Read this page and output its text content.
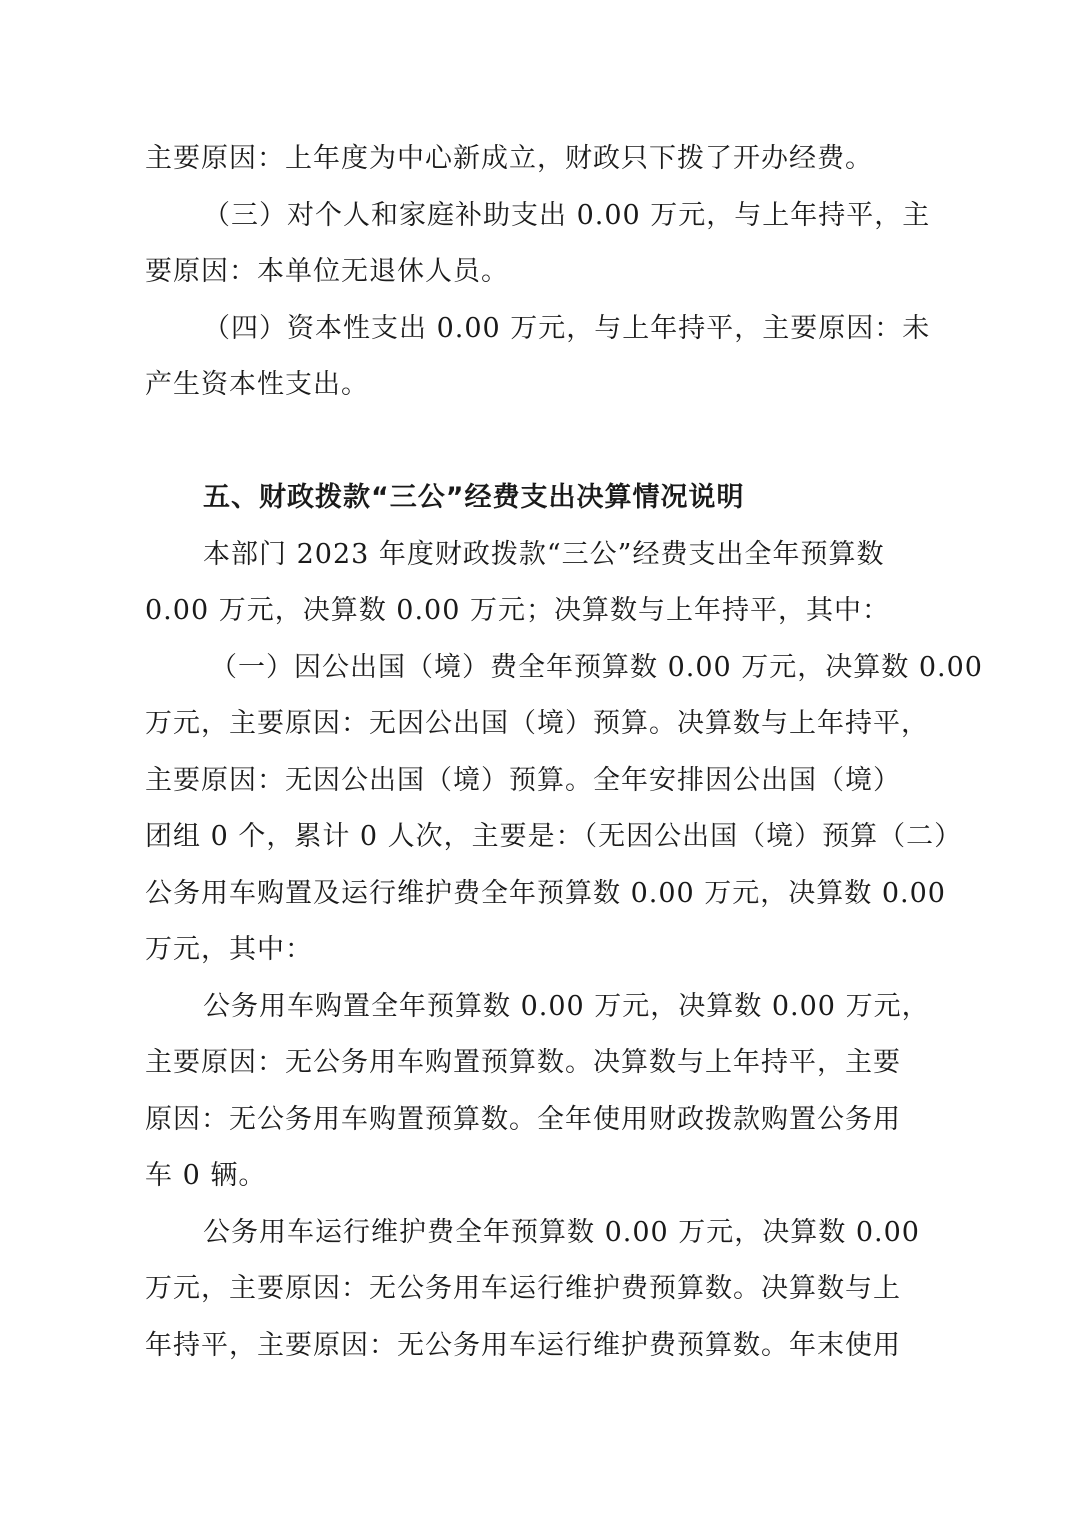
主要原因：上年度为中心新成立，财政只下拨了开办经费。
（三）对个人和家庭补助支出 0.00 万元，与上年持平，主
要原因：本单位无退休人员。
（四）资本性支出 0.00 万元，与上年持平，主要原因：未
产生资本性支出。
五、财政拨款“三公”经费支出决算情况说明
本部门 2023 年度财政拨款“三公”经费支出全年预算数
0.00 万元，决算数 0.00 万元；决算数与上年持平，其中：
（一）因公出国（境）费全年预算数 0.00 万元，决算数 0.00
万元，主要原因：无因公出国（境）预算。决算数与上年持平，
主要原因：无因公出国（境）预算。全年安排因公出国（境）
团组 0 个，累计 0 人次，主要是：（无因公出国（境）预算（二）
公务用车购置及运行维护费全年预算数 0.00 万元，决算数 0.00
万元，其中：
公务用车购置全年预算数 0.00 万元，决算数 0.00 万元，
主要原因：无公务用车购置预算数。决算数与上年持平，主要
原因：无公务用车购置预算数。全年使用财政拨款购置公务用
车 0 辆。
公务用车运行维护费全年预算数 0.00 万元，决算数 0.00
万元，主要原因：无公务用车运行维护费预算数。决算数与上
年持平，主要原因：无公务用车运行维护费预算数。年末使用
